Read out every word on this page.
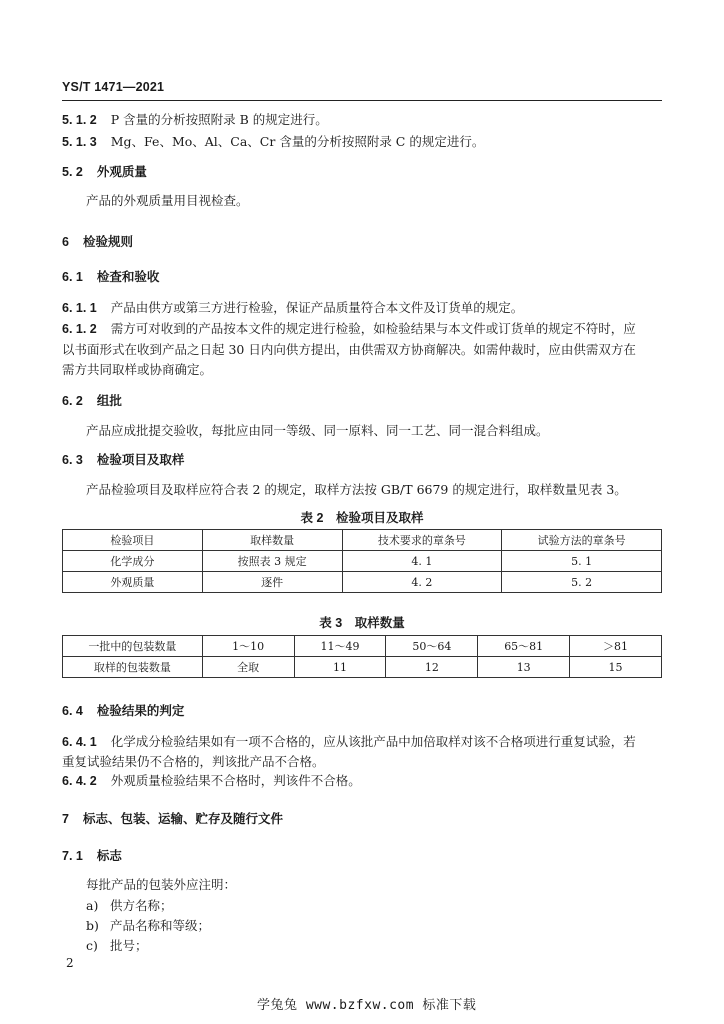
YS/T 1471—2021
5. 1. 2 P 含量的分析按照附录 B 的规定进行。
5. 1. 3 Mg、Fe、Mo、Al、Ca、Cr 含量的分析按照附录 C 的规定进行。
5. 2 外观质量
产品的外观质量用目视检查。
6 检验规则
6. 1 检查和验收
6. 1. 1 产品由供方或第三方进行检验，保证产品质量符合本文件及订货单的规定。
6. 1. 2 需方可对收到的产品按本文件的规定进行检验，如检验结果与本文件或订货单的规定不符时，应
以书面形式在收到产品之日起 30 日内向供方提出，由供需双方协商解决。如需仲裁时，应由供需双方在
需方共同取样或协商确定。
6. 2 组批
产品应成批提交验收，每批应由同一等级、同一原料、同一工艺、同一混合料组成。
6. 3 检验项目及取样
产品检验项目及取样应符合表 2 的规定，取样方法按 GB/T 6679 的规定进行，取样数量见表 3。
表 2　检验项目及取样
检验项目	取样数量	技术要求的章条号	试验方法的章条号
化学成分	按照表 3 规定	4. 1	5. 1
外观质量	逐件	4. 2	5. 2
表 3　取样数量
一批中的包装数量	1～10	11～49	50～64	65～81	＞81
取样的包装数量	全取	11	12	13	15
6. 4 检验结果的判定
6. 4. 1 化学成分检验结果如有一项不合格的，应从该批产品中加倍取样对该不合格项进行重复试验，若
重复试验结果仍不合格的，判该批产品不合格。
6. 4. 2 外观质量检验结果不合格时，判该件不合格。
7 标志、包装、运输、贮存及随行文件
7. 1 标志
每批产品的包装外应注明：
a) 供方名称；
b) 产品名称和等级；
c) 批号；
2
学兔兔 www.bzfxw.com 标准下载
